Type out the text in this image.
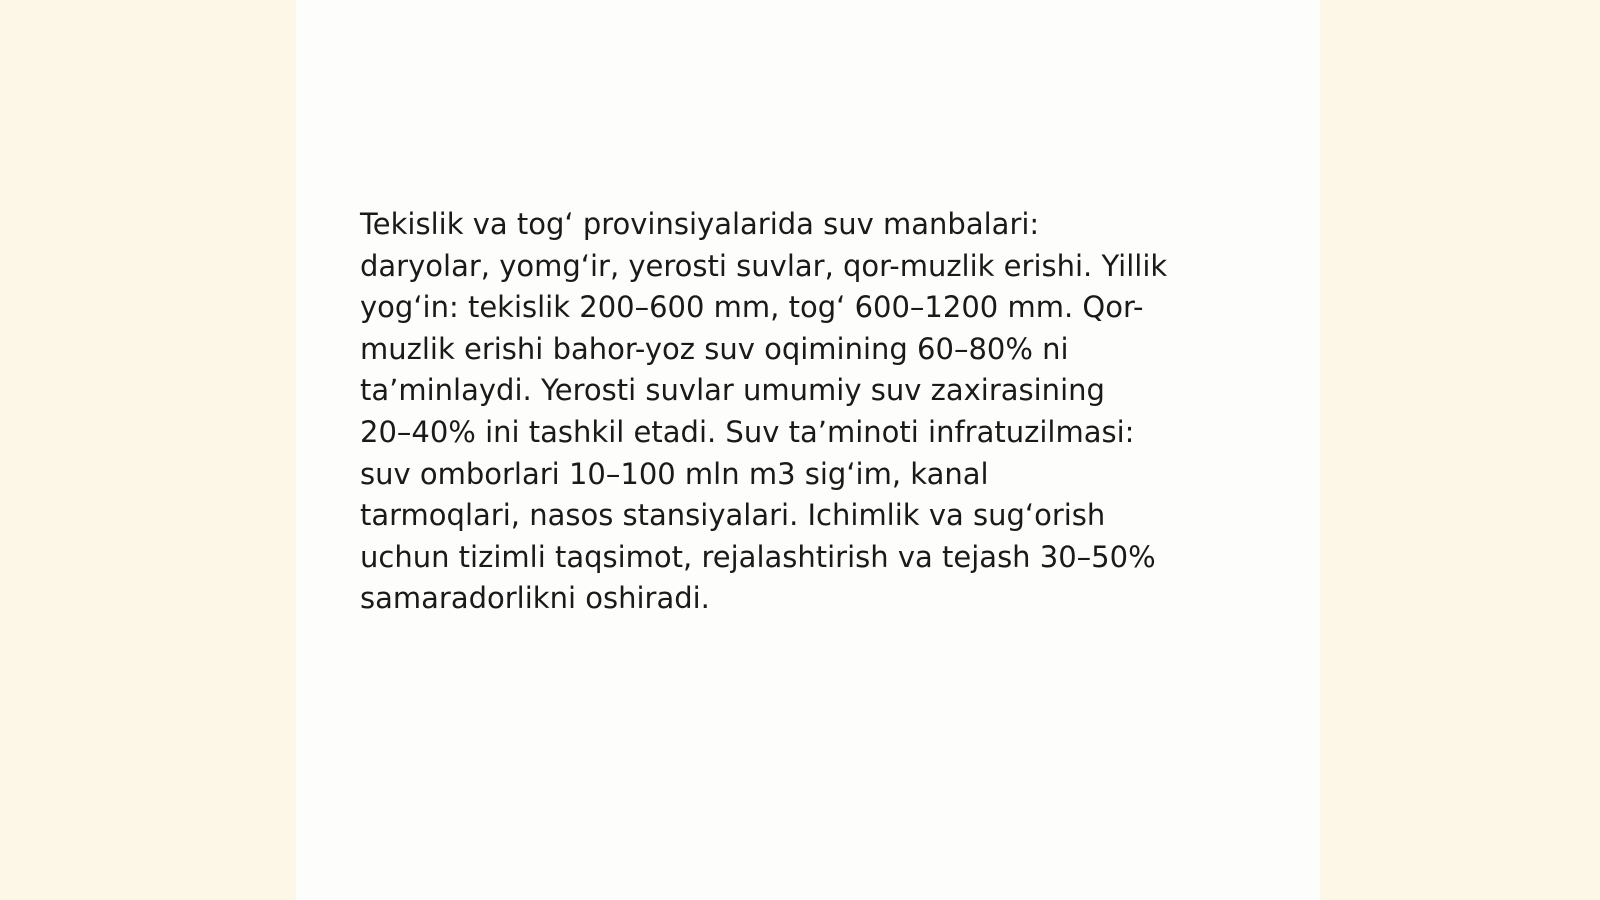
Tekislik va tog‘ provinsiyalarida suv manbalari:
daryolar, yomg‘ir, yerosti suvlar, qor-muzlik erishi. Yillik
yog‘in: tekislik 200–600 mm, tog‘ 600–1200 mm. Qor-
muzlik erishi bahor-yoz suv oqimining 60–80% ni
ta’minlaydi. Yerosti suvlar umumiy suv zaxirasining
20–40% ini tashkil etadi. Suv ta’minoti infratuzilmasi:
suv omborlari 10–100 mln m3 sig‘im, kanal
tarmoqlari, nasos stansiyalari. Ichimlik va sug‘orish
uchun tizimli taqsimot, rejalashtirish va tejash 30–50%
samaradorlikni oshiradi.
